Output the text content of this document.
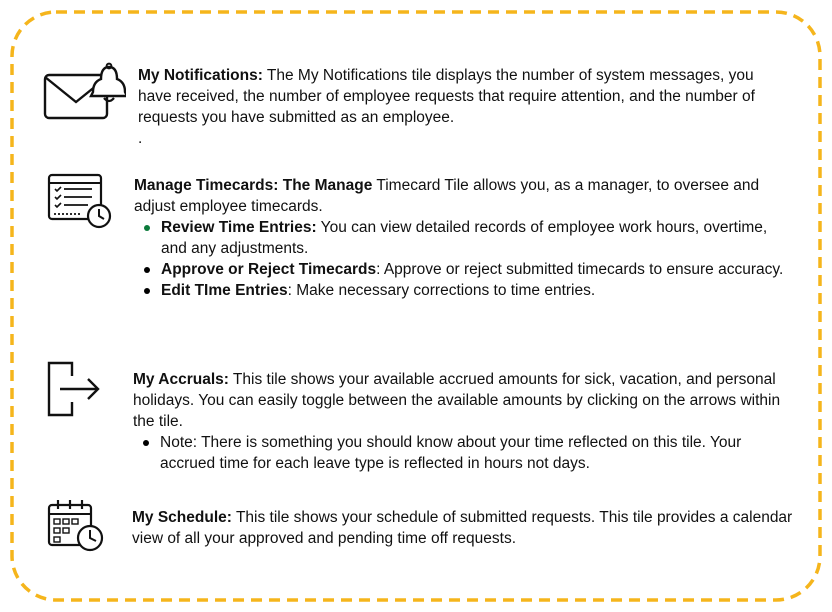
My Notifications: The My Notifications tile displays the number of system messages, you have received, the number of employee requests that require attention, and the number of requests you have submitted as an employee.
.
Manage Timecards: The Manage Timecard Tile allows you, as a manager, to oversee and adjust employee timecards.
Review Time Entries: You can view detailed records of employee work hours, overtime, and any adjustments.
Approve or Reject Timecards: Approve or reject submitted timecards to ensure accuracy.
Edit TIme Entries: Make necessary corrections to time entries.
My Accruals: This tile shows your available accrued amounts for sick, vacation, and personal holidays. You can easily toggle between the available amounts by clicking on the arrows within the tile.
Note: There is something you should know about your time reflected on this tile. Your accrued time for each leave type is reflected in hours not days.
My Schedule: This tile shows your schedule of submitted requests. This tile provides a calendar view of all your approved and pending time off requests.
